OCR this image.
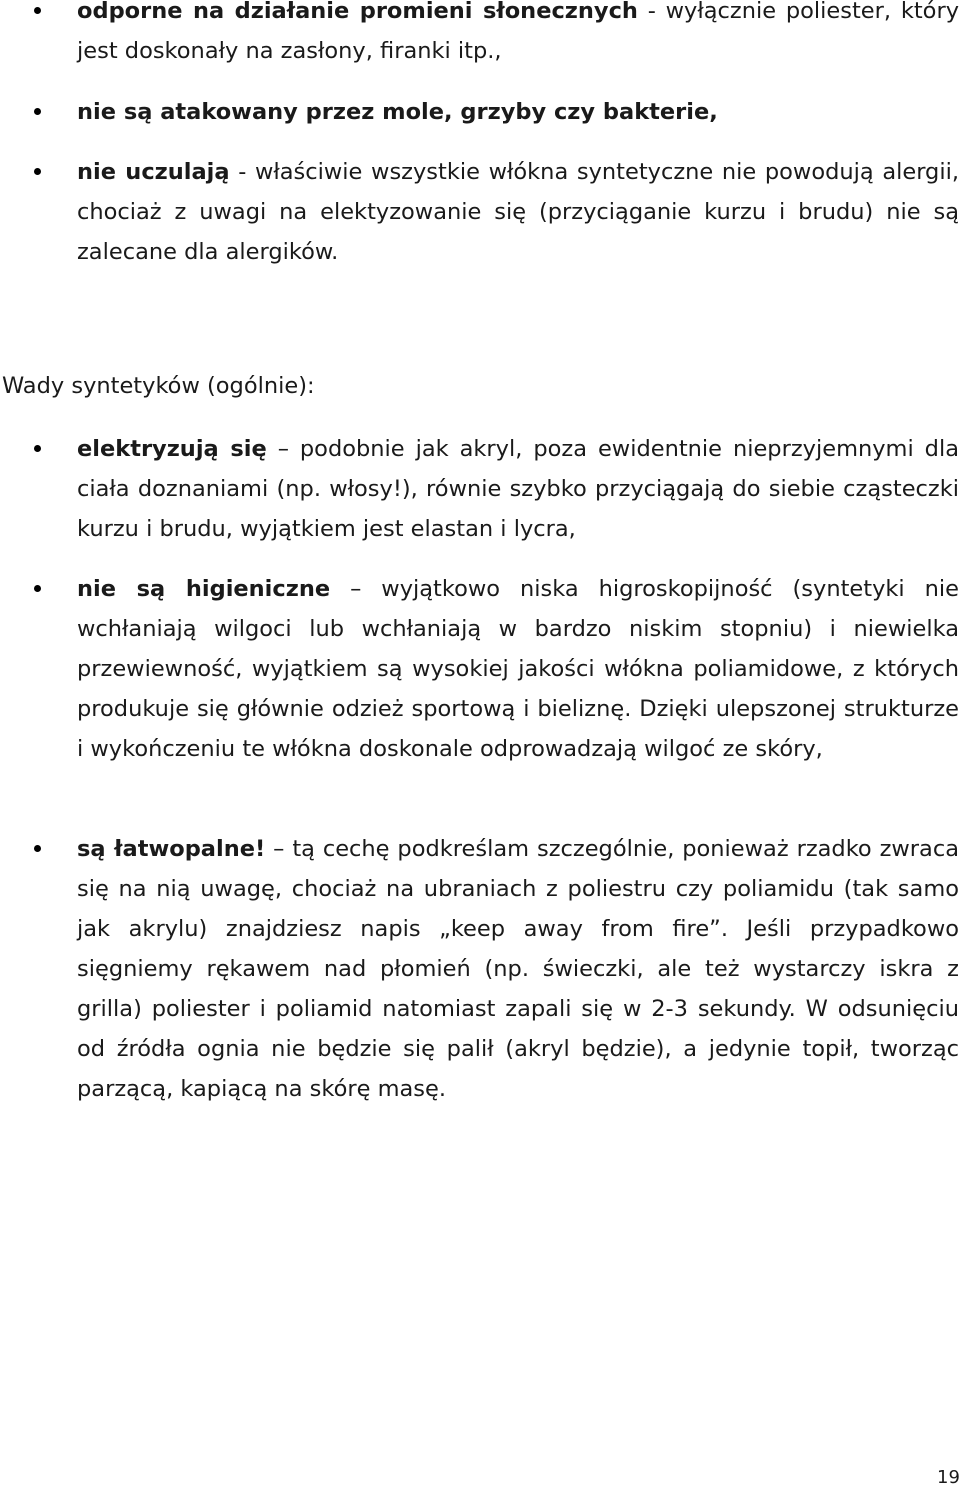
odporne na działanie promieni słonecznych - wyłącznie poliester, który jest doskonały na zasłony, firanki itp.,
nie są atakowany przez mole, grzyby czy bakterie,
nie uczulają - właściwie wszystkie włókna syntetyczne nie powodują alergii, chociaż z uwagi na elektyzowanie się (przyciąganie kurzu i brudu) nie są zalecane dla alergików.
Wady syntetyków (ogólnie):
elektryzują się – podobnie jak akryl, poza ewidentnie nieprzyjemnymi dla ciała doznaniami (np. włosy!), równie szybko przyciągają do siebie cząsteczki kurzu i brudu, wyjątkiem jest elastan i lycra,
nie są higieniczne – wyjątkowo niska higroskopijność (syntetyki nie wchłaniają wilgoci lub wchłaniają w bardzo niskim stopniu) i niewielka przewiewność, wyjątkiem są wysokiej jakości włókna poliamidowe, z których produkuje się głównie odzież sportową i bieliznę. Dzięki ulepszonej strukturze i wykończeniu te włókna doskonale odprowadzają wilgoć ze skóry,
są łatwopalne! – tą cechę podkreślam szczególnie, ponieważ rzadko zwraca się na nią uwagę, chociaż na ubraniach z poliestru czy poliamidu (tak samo jak akrylu) znajdziesz napis „keep away from fire”. Jeśli przypadkowo sięgniemy rękawem nad płomień (np. świeczki, ale też wystarczy iskra z grilla) poliester i poliamid natomiast zapali się w 2-3 sekundy. W odsunięciu od źródła ognia nie będzie się palił (akryl będzie), a jedynie topił, tworząc parzącą, kapiącą na skórę masę.
19
